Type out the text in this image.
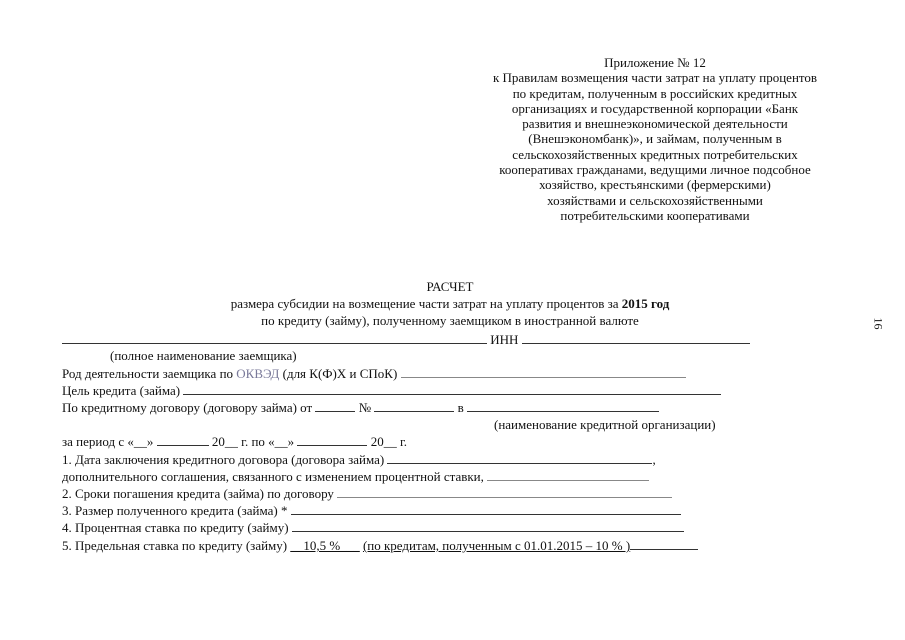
Приложение № 12
к Правилам возмещения части затрат на уплату процентов
по кредитам, полученным в российских кредитных
организациях и государственной корпорации «Банк
развития и внешнеэкономической деятельности
(Внешэкономбанк)», и займам, полученным в
сельскохозяйственных кредитных потребительских
кооперативах гражданами, ведущими личное подсобное
хозяйство, крестьянскими (фермерскими)
хозяйствами и сельскохозяйственными
потребительскими кооперативами
16
РАСЧЕТ
размера субсидии на возмещение части затрат на уплату процентов за 2015 год
по кредиту (займу), полученному заемщиком в иностранной валюте
ИНН
(полное наименование заемщика)
Род деятельности заемщика по ОКВЭД (для К(Ф)Х и СПоК)
Цель кредита (займа)
По кредитному договору (договору займа) от	№	в
(наименование кредитной организации)
за период с «__»	20__ г. по «__»	20__ г.
1. Дата заключения кредитного договора (договора займа)	,
дополнительного соглашения, связанного с изменением процентной ставки,
2. Сроки погашения кредита (займа) по договору
3. Размер полученного кредита (займа) *
4. Процентная ставка по кредиту (займу)
5. Предельная ставка по кредиту (займу) __10,5 %___ (по кредитам, полученным с 01.01.2015 – 10 % )
